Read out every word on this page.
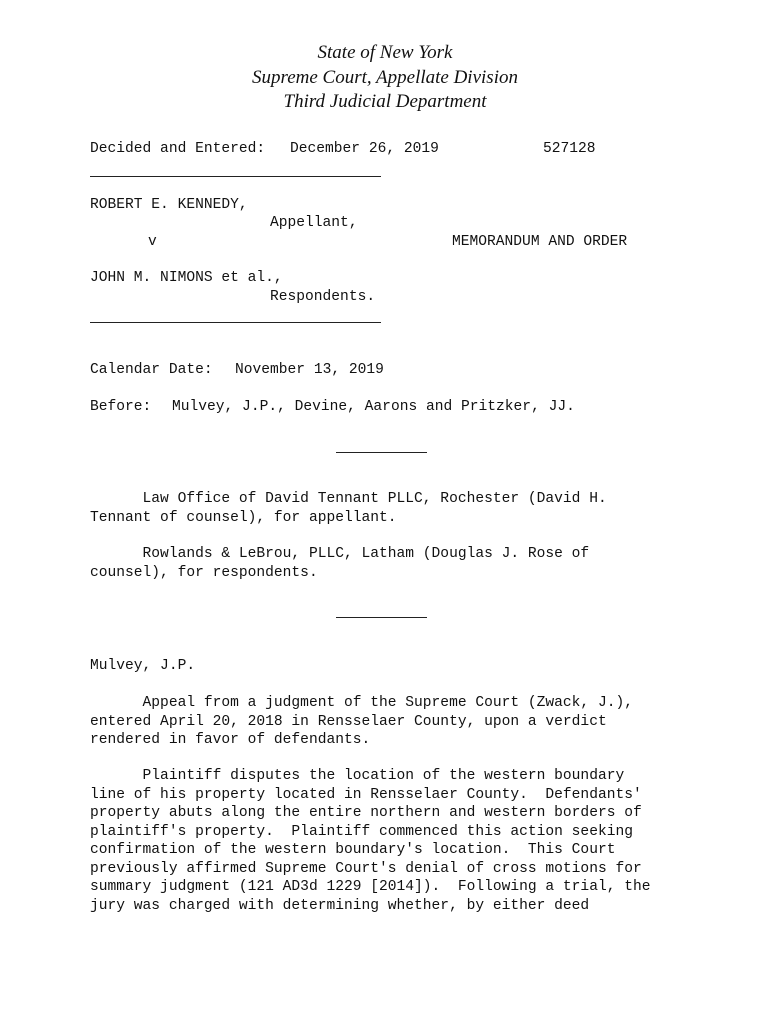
State of New York
Supreme Court, Appellate Division
Third Judicial Department
Decided and Entered: December 26, 2019	527128
ROBERT E. KENNEDY,
Appellant,
v	MEMORANDUM AND ORDER
JOHN M. NIMONS et al.,
Respondents.
Calendar Date: November 13, 2019
Before: Mulvey, J.P., Devine, Aarons and Pritzker, JJ.
Law Office of David Tennant PLLC, Rochester (David H.
Tennant of counsel), for appellant.
Rowlands & LeBrou, PLLC, Latham (Douglas J. Rose of
counsel), for respondents.
Mulvey, J.P.
Appeal from a judgment of the Supreme Court (Zwack, J.),
entered April 20, 2018 in Rensselaer County, upon a verdict
rendered in favor of defendants.
Plaintiff disputes the location of the western boundary
line of his property located in Rensselaer County.  Defendants'
property abuts along the entire northern and western borders of
plaintiff's property.  Plaintiff commenced this action seeking
confirmation of the western boundary's location.  This Court
previously affirmed Supreme Court's denial of cross motions for
summary judgment (121 AD3d 1229 [2014]).  Following a trial, the
jury was charged with determining whether, by either deed
